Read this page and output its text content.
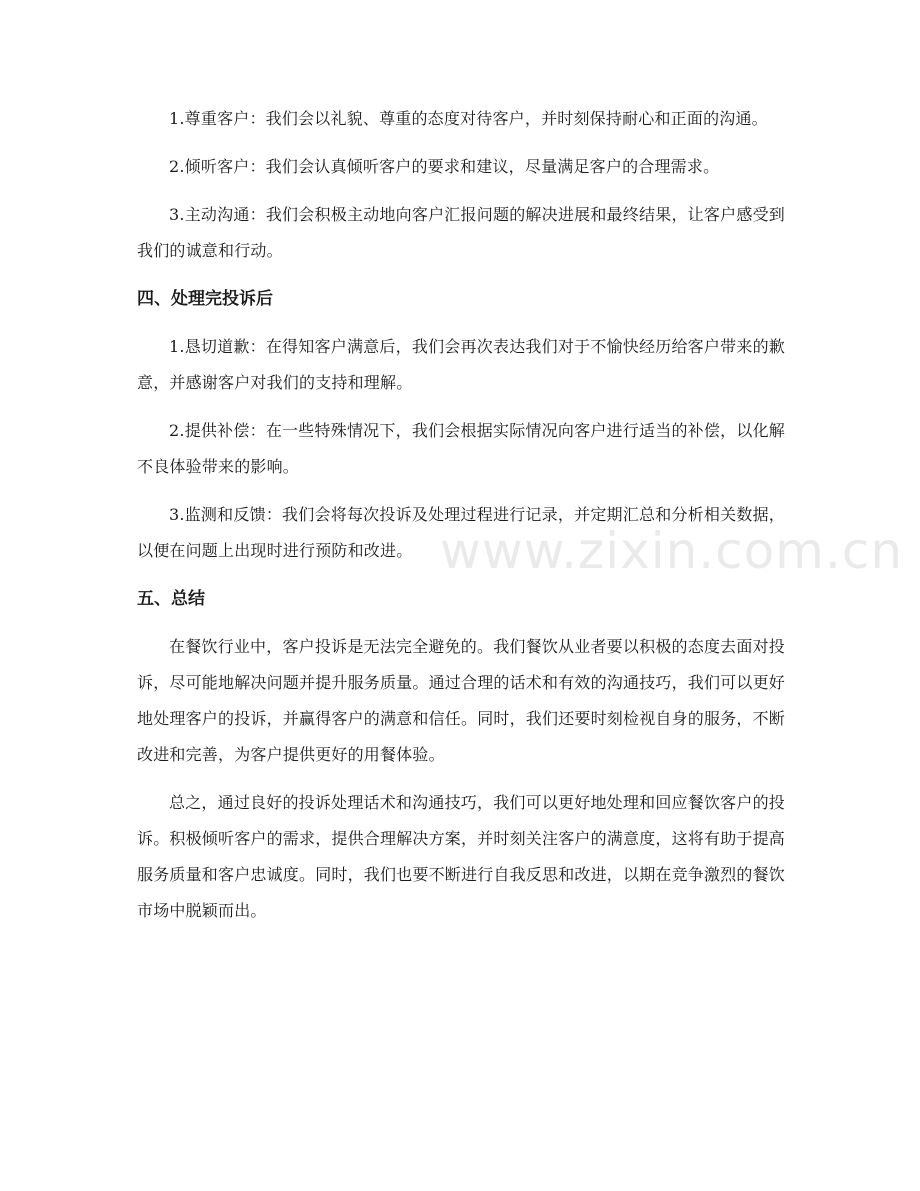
1.尊重客户：我们会以礼貌、尊重的态度对待客户，并时刻保持耐心和正面的沟通。

2.倾听客户：我们会认真倾听客户的要求和建议，尽量满足客户的合理需求。

3.主动沟通：我们会积极主动地向客户汇报问题的解决进展和最终结果，让客户感受到我们的诚意和行动。

四、处理完投诉后

1.恳切道歉：在得知客户满意后，我们会再次表达我们对于不愉快经历给客户带来的歉意，并感谢客户对我们的支持和理解。

2.提供补偿：在一些特殊情况下，我们会根据实际情况向客户进行适当的补偿，以化解不良体验带来的影响。

3.监测和反馈：我们会将每次投诉及处理过程进行记录，并定期汇总和分析相关数据，以便在问题上出现时进行预防和改进。

五、总结

在餐饮行业中，客户投诉是无法完全避免的。我们餐饮从业者要以积极的态度去面对投诉，尽可能地解决问题并提升服务质量。通过合理的话术和有效的沟通技巧，我们可以更好地处理客户的投诉，并赢得客户的满意和信任。同时，我们还要时刻检视自身的服务，不断改进和完善，为客户提供更好的用餐体验。

总之，通过良好的投诉处理话术和沟通技巧，我们可以更好地处理和回应餐饮客户的投诉。积极倾听客户的需求，提供合理解决方案，并时刻关注客户的满意度，这将有助于提高服务质量和客户忠诚度。同时，我们也要不断进行自我反思和改进，以期在竞争激烈的餐饮市场中脱颖而出。

www.zixin.com.cn
